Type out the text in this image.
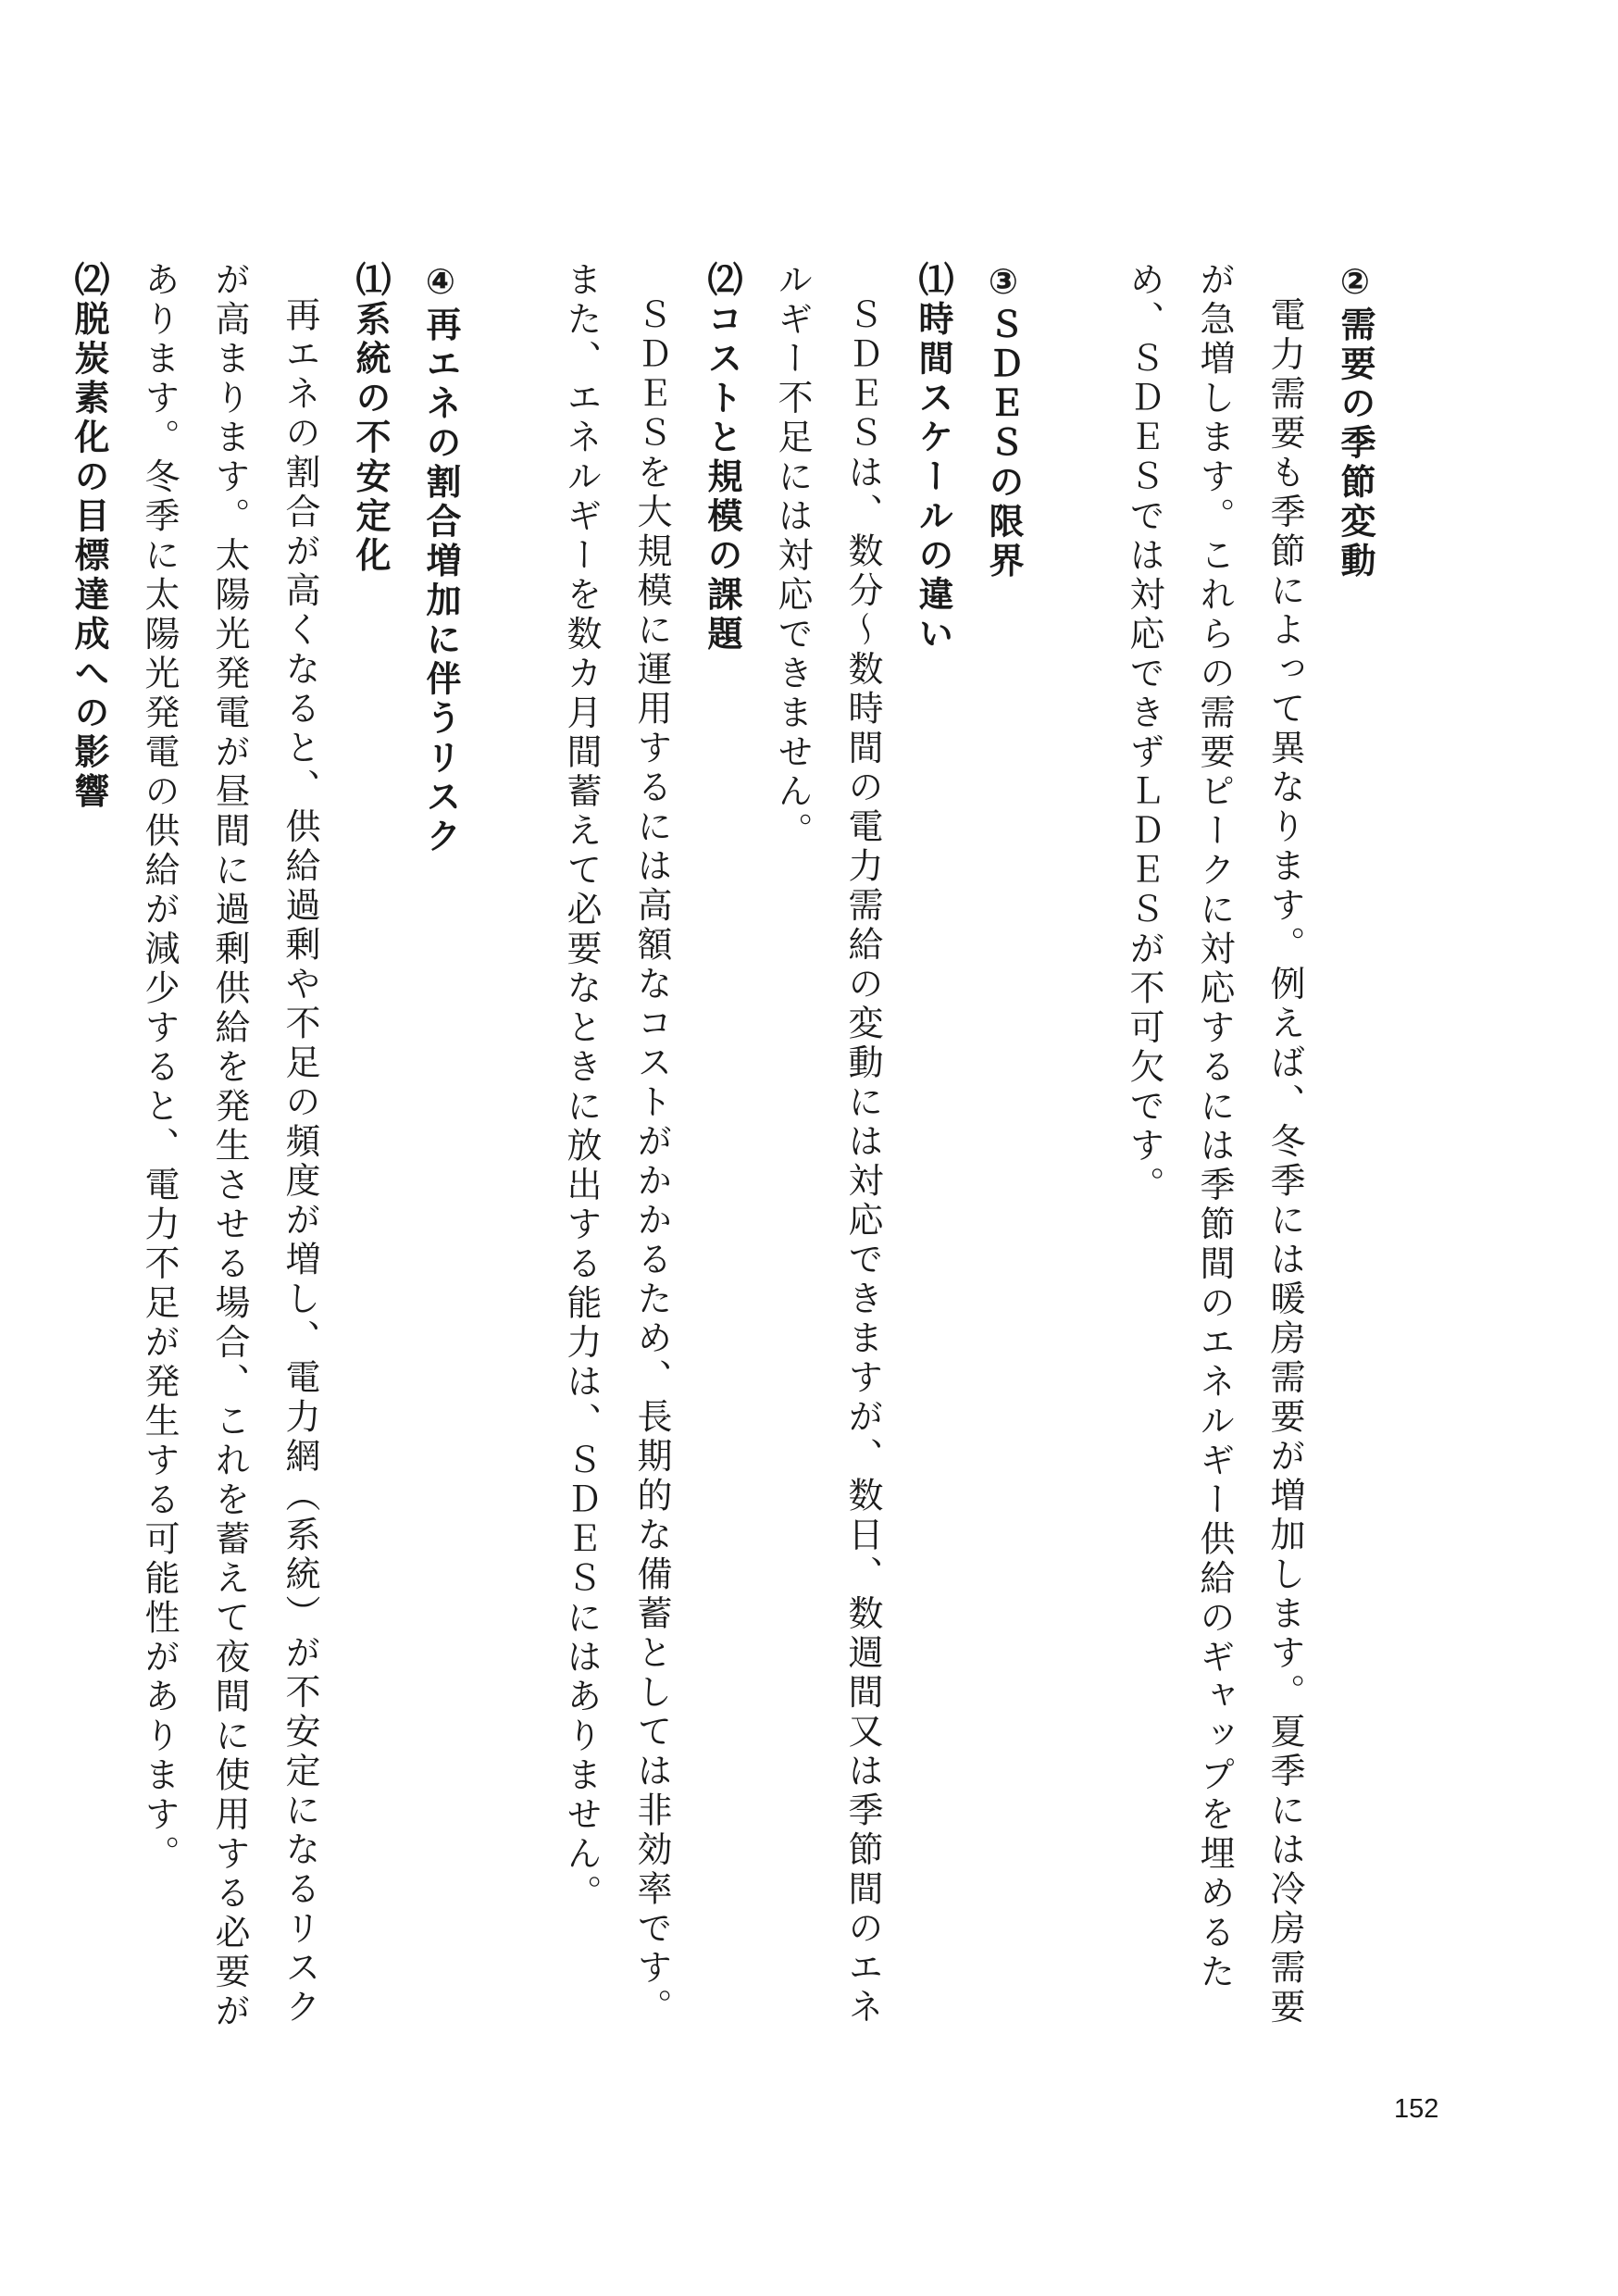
②需要の季節変動

電力需要も季節によって異なります。例えば、冬季には暖房需要が増加します。夏季には冷房需要が急増します。これらの需要ピークに対応するには季節間のエネルギー供給のギャップを埋めるため、ＳＤＥＳでは対応できずＬＤＥＳが不可欠です。

③ＳＤＥＳの限界

⑴時間スケールの違い

ＳＤＥＳは、数分～数時間の電力需給の変動には対応できますが、数日、数週間又は季節間のエネルギー不足には対応できません。

⑵コストと規模の課題

ＳＤＥＳを大規模に運用するには高額なコストがかかるため、長期的な備蓄としては非効率です。また、エネルギーを数カ月間蓄えて必要なときに放出する能力は、ＳＤＥＳにはありません。

④再エネの割合増加に伴うリスク

⑴系統の不安定化

再エネの割合が高くなると、供給過剰や不足の頻度が増し、電力網（系統）が不安定になるリスクが高まります。太陽光発電が昼間に過剰供給を発生させる場合、これを蓄えて夜間に使用する必要があります。冬季に太陽光発電の供給が減少すると、電力不足が発生する可能性があります。

⑵脱炭素化の目標達成への影響

152
